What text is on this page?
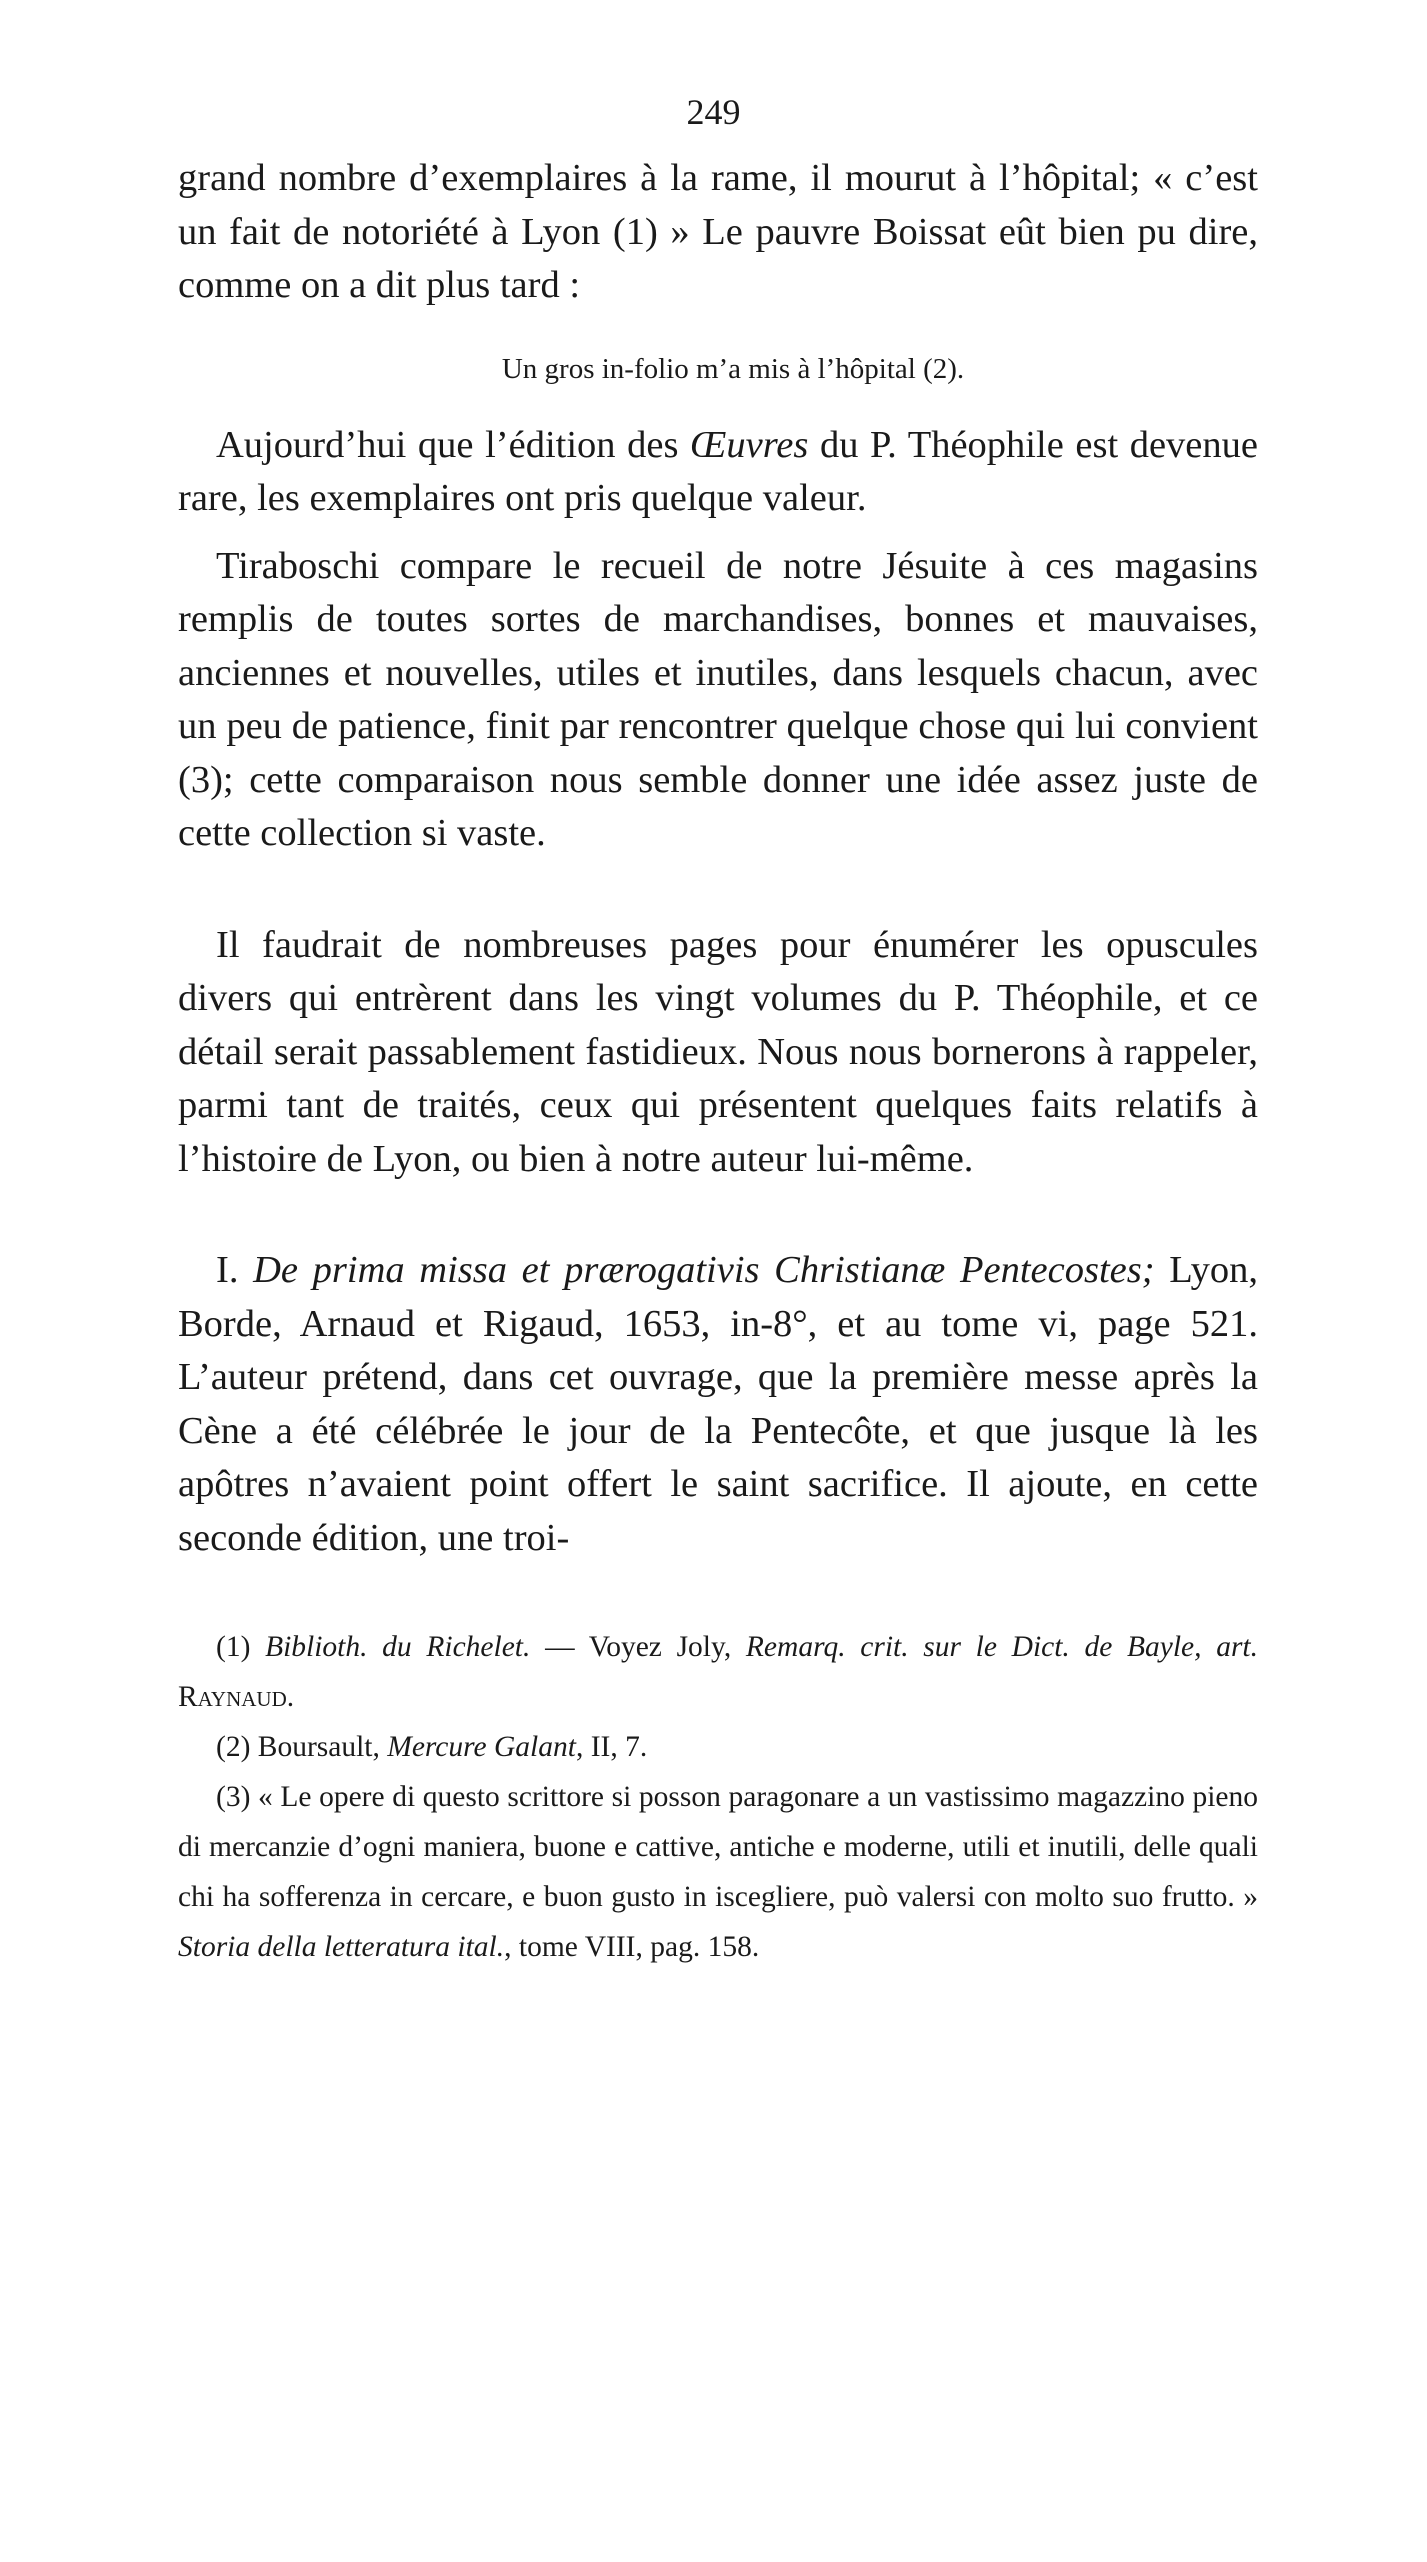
249

grand nombre d’exemplaires à la rame, il mourut à l’hôpital; « c’est un fait de notoriété à Lyon (1) » Le pauvre Boissat eût bien pu dire, comme on a dit plus tard :

Un gros in-folio m’a mis à l’hôpital (2).

Aujourd’hui que l’édition des Œuvres du P. Théophile est devenue rare, les exemplaires ont pris quelque valeur.

Tiraboschi compare le recueil de notre Jésuite à ces magasins remplis de toutes sortes de marchandises, bonnes et mauvaises, anciennes et nouvelles, utiles et inutiles, dans lesquels chacun, avec un peu de patience, finit par rencontrer quelque chose qui lui convient (3); cette comparaison nous semble donner une idée assez juste de cette collection si vaste.

Il faudrait de nombreuses pages pour énumérer les opuscules divers qui entrèrent dans les vingt volumes du P. Théophile, et ce détail serait passablement fastidieux. Nous nous bornerons à rappeler, parmi tant de traités, ceux qui présentent quelques faits relatifs à l’histoire de Lyon, ou bien à notre auteur lui-même.

I. De prima missa et prærogativis Christianæ Pentecostes; Lyon, Borde, Arnaud et Rigaud, 1653, in-8°, et au tome vi, page 521. L’auteur prétend, dans cet ouvrage, que la première messe après la Cène a été célébrée le jour de la Pentecôte, et que jusque là les apôtres n’avaient point offert le saint sacrifice. Il ajoute, en cette seconde édition, une troi-

(1) Biblioth. du Richelet. — Voyez Joly, Remarq. crit. sur le Dict. de Bayle, art. Raynaud.

(2) Boursault, Mercure Galant, II, 7.

(3) « Le opere di questo scrittore si posson paragonare a un vastissimo magazzino pieno di mercanzie d’ogni maniera, buone e cattive, antiche e moderne, utili et inutili, delle quali chi ha sofferenza in cercare, e buon gusto in isceglierе, può valersi con molto suo frutto. » Storia della letteratura ital., tome VIII, pag. 158.
